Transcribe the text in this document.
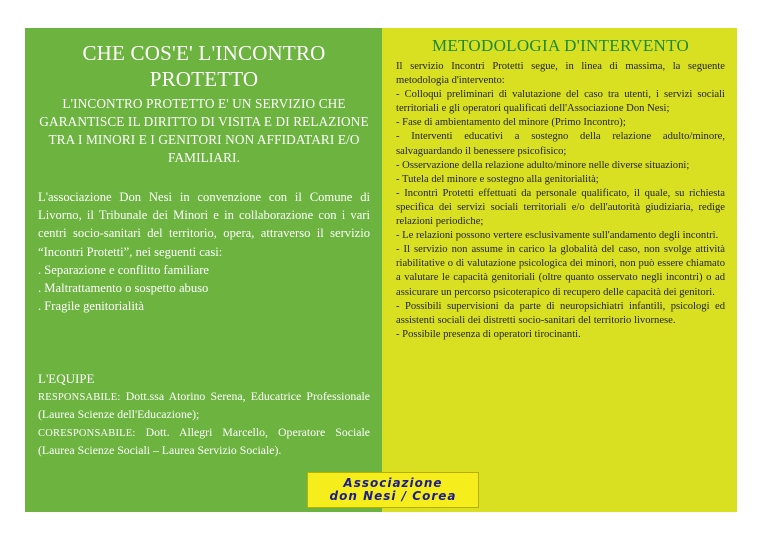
CHE COS'E' L'INCONTRO PROTETTO

L'INCONTRO PROTETTO E' UN SERVIZIO CHE GARANTISCE IL DIRITTO DI VISITA E DI RELAZIONE TRA I MINORI E I GENITORI NON AFFIDATARI E/O FAMILIARI.

L'associazione Don Nesi in convenzione con il Comune di Livorno, il Tribunale dei Minori e in collaborazione con i vari centri socio-sanitari del territorio, opera, attraverso il servizio “Incontri Protetti”, nei seguenti casi:

. Separazione e conflitto familiare
. Maltrattamento o sospetto abuso
. Fragile genitorialità
L'EQUIPE

RESPONSABILE: Dott.ssa Atorino Serena, Educatrice Professionale (Laurea Scienze dell'Educazione);

CORESPONSABILE: Dott. Allegri Marcello, Operatore Sociale (Laurea Scienze Sociali – Laurea Servizio Sociale).

METODOLOGIA D'INTERVENTO

Il servizio Incontri Protetti segue, in linea di massima, la seguente metodologia d'intervento:

- Colloqui preliminari di valutazione del caso tra utenti, i servizi sociali territoriali e gli operatori qualificati dell'Associazione Don Nesi;
- Fase di ambientamento del minore (Primo Incontro);
- Interventi educativi a sostegno della relazione adulto/minore, salvaguardando il benessere psicofisico;
- Osservazione della relazione adulto/minore nelle diverse situazioni;
- Tutela del minore e sostegno alla genitorialità;
- Incontri Protetti effettuati da personale qualificato, il quale, su richiesta specifica dei servizi sociali territoriali e/o dell'autorità giudiziaria, redige relazioni periodiche;
- Le relazioni possono vertere esclusivamente sull'andamento degli incontri.
- Il servizio non assume in carico la globalità del caso, non svolge attività riabilitative o di valutazione psicologica dei minori, non può essere chiamato a valutare le capacità genitoriali (oltre quanto osservato negli incontri) o ad assicurare un percorso psicoterapico di recupero delle capacità dei genitori.
- Possibili supervisioni da parte di neuropsichiatri infantili, psicologi ed assistenti sociali dei distretti socio-sanitari del territorio livornese.
- Possibile presenza di operatori tirocinanti.
Associazione
don Nesi / Corea
